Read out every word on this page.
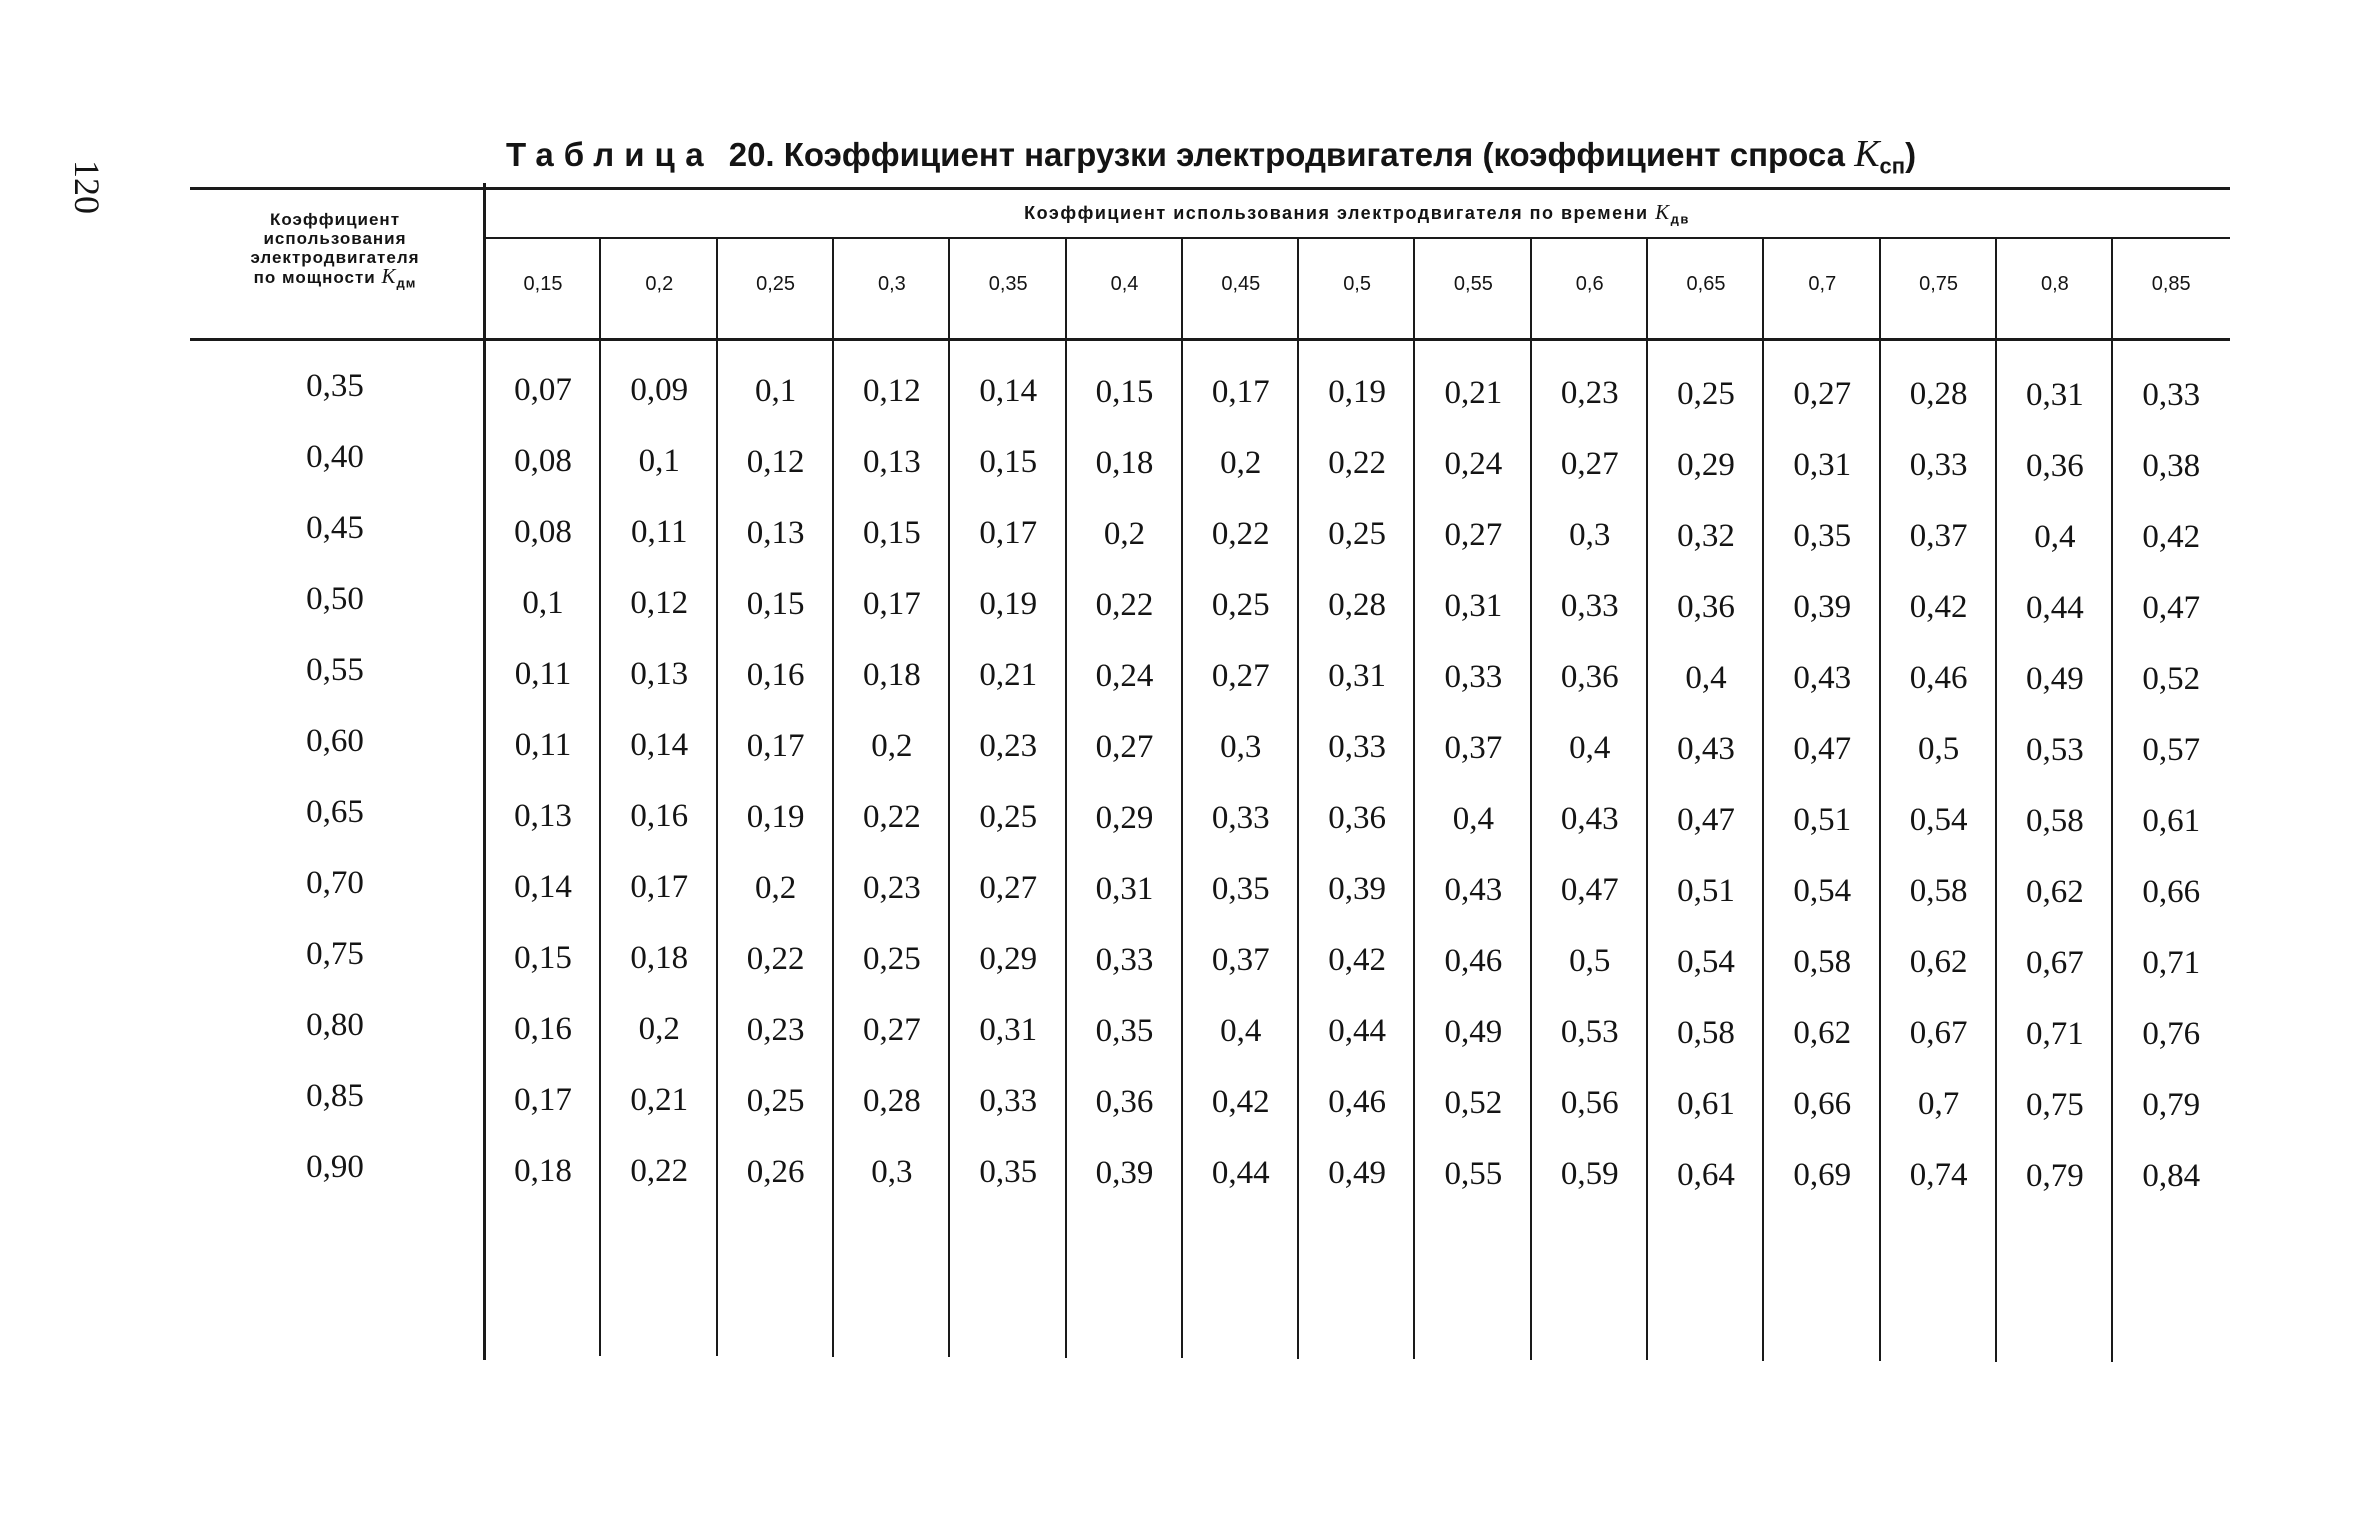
120
Таблица 20. Коэффициент нагрузки электродвигателя (коэффициент спроса $K_{сп}$)
Коэффициент
использования
электродвигателя
по мощности $K_{дм}$
Коэффициент использования электродвигателя по времени $K_{дв}$
0,15	0,2	0,25	0,3	0,35	0,4	0,45	0,5	0,55	0,6	0,65	0,7	0,75	0,8	0,85
0,35	0,07	0,09	0,1	0,12	0,14	0,15	0,17	0,19	0,21	0,23	0,25	0,27	0,28	0,31	0,33
0,40	0,08	0,1	0,12	0,13	0,15	0,18	0,2	0,22	0,24	0,27	0,29	0,31	0,33	0,36	0,38
0,45	0,08	0,11	0,13	0,15	0,17	0,2	0,22	0,25	0,27	0,3	0,32	0,35	0,37	0,4	0,42
0,50	0,1	0,12	0,15	0,17	0,19	0,22	0,25	0,28	0,31	0,33	0,36	0,39	0,42	0,44	0,47
0,55	0,11	0,13	0,16	0,18	0,21	0,24	0,27	0,31	0,33	0,36	0,4	0,43	0,46	0,49	0,52
0,60	0,11	0,14	0,17	0,2	0,23	0,27	0,3	0,33	0,37	0,4	0,43	0,47	0,5	0,53	0,57
0,65	0,13	0,16	0,19	0,22	0,25	0,29	0,33	0,36	0,4	0,43	0,47	0,51	0,54	0,58	0,61
0,70	0,14	0,17	0,2	0,23	0,27	0,31	0,35	0,39	0,43	0,47	0,51	0,54	0,58	0,62	0,66
0,75	0,15	0,18	0,22	0,25	0,29	0,33	0,37	0,42	0,46	0,5	0,54	0,58	0,62	0,67	0,71
0,80	0,16	0,2	0,23	0,27	0,31	0,35	0,4	0,44	0,49	0,53	0,58	0,62	0,67	0,71	0,76
0,85	0,17	0,21	0,25	0,28	0,33	0,36	0,42	0,46	0,52	0,56	0,61	0,66	0,7	0,75	0,79
0,90	0,18	0,22	0,26	0,3	0,35	0,39	0,44	0,49	0,55	0,59	0,64	0,69	0,74	0,79	0,84
